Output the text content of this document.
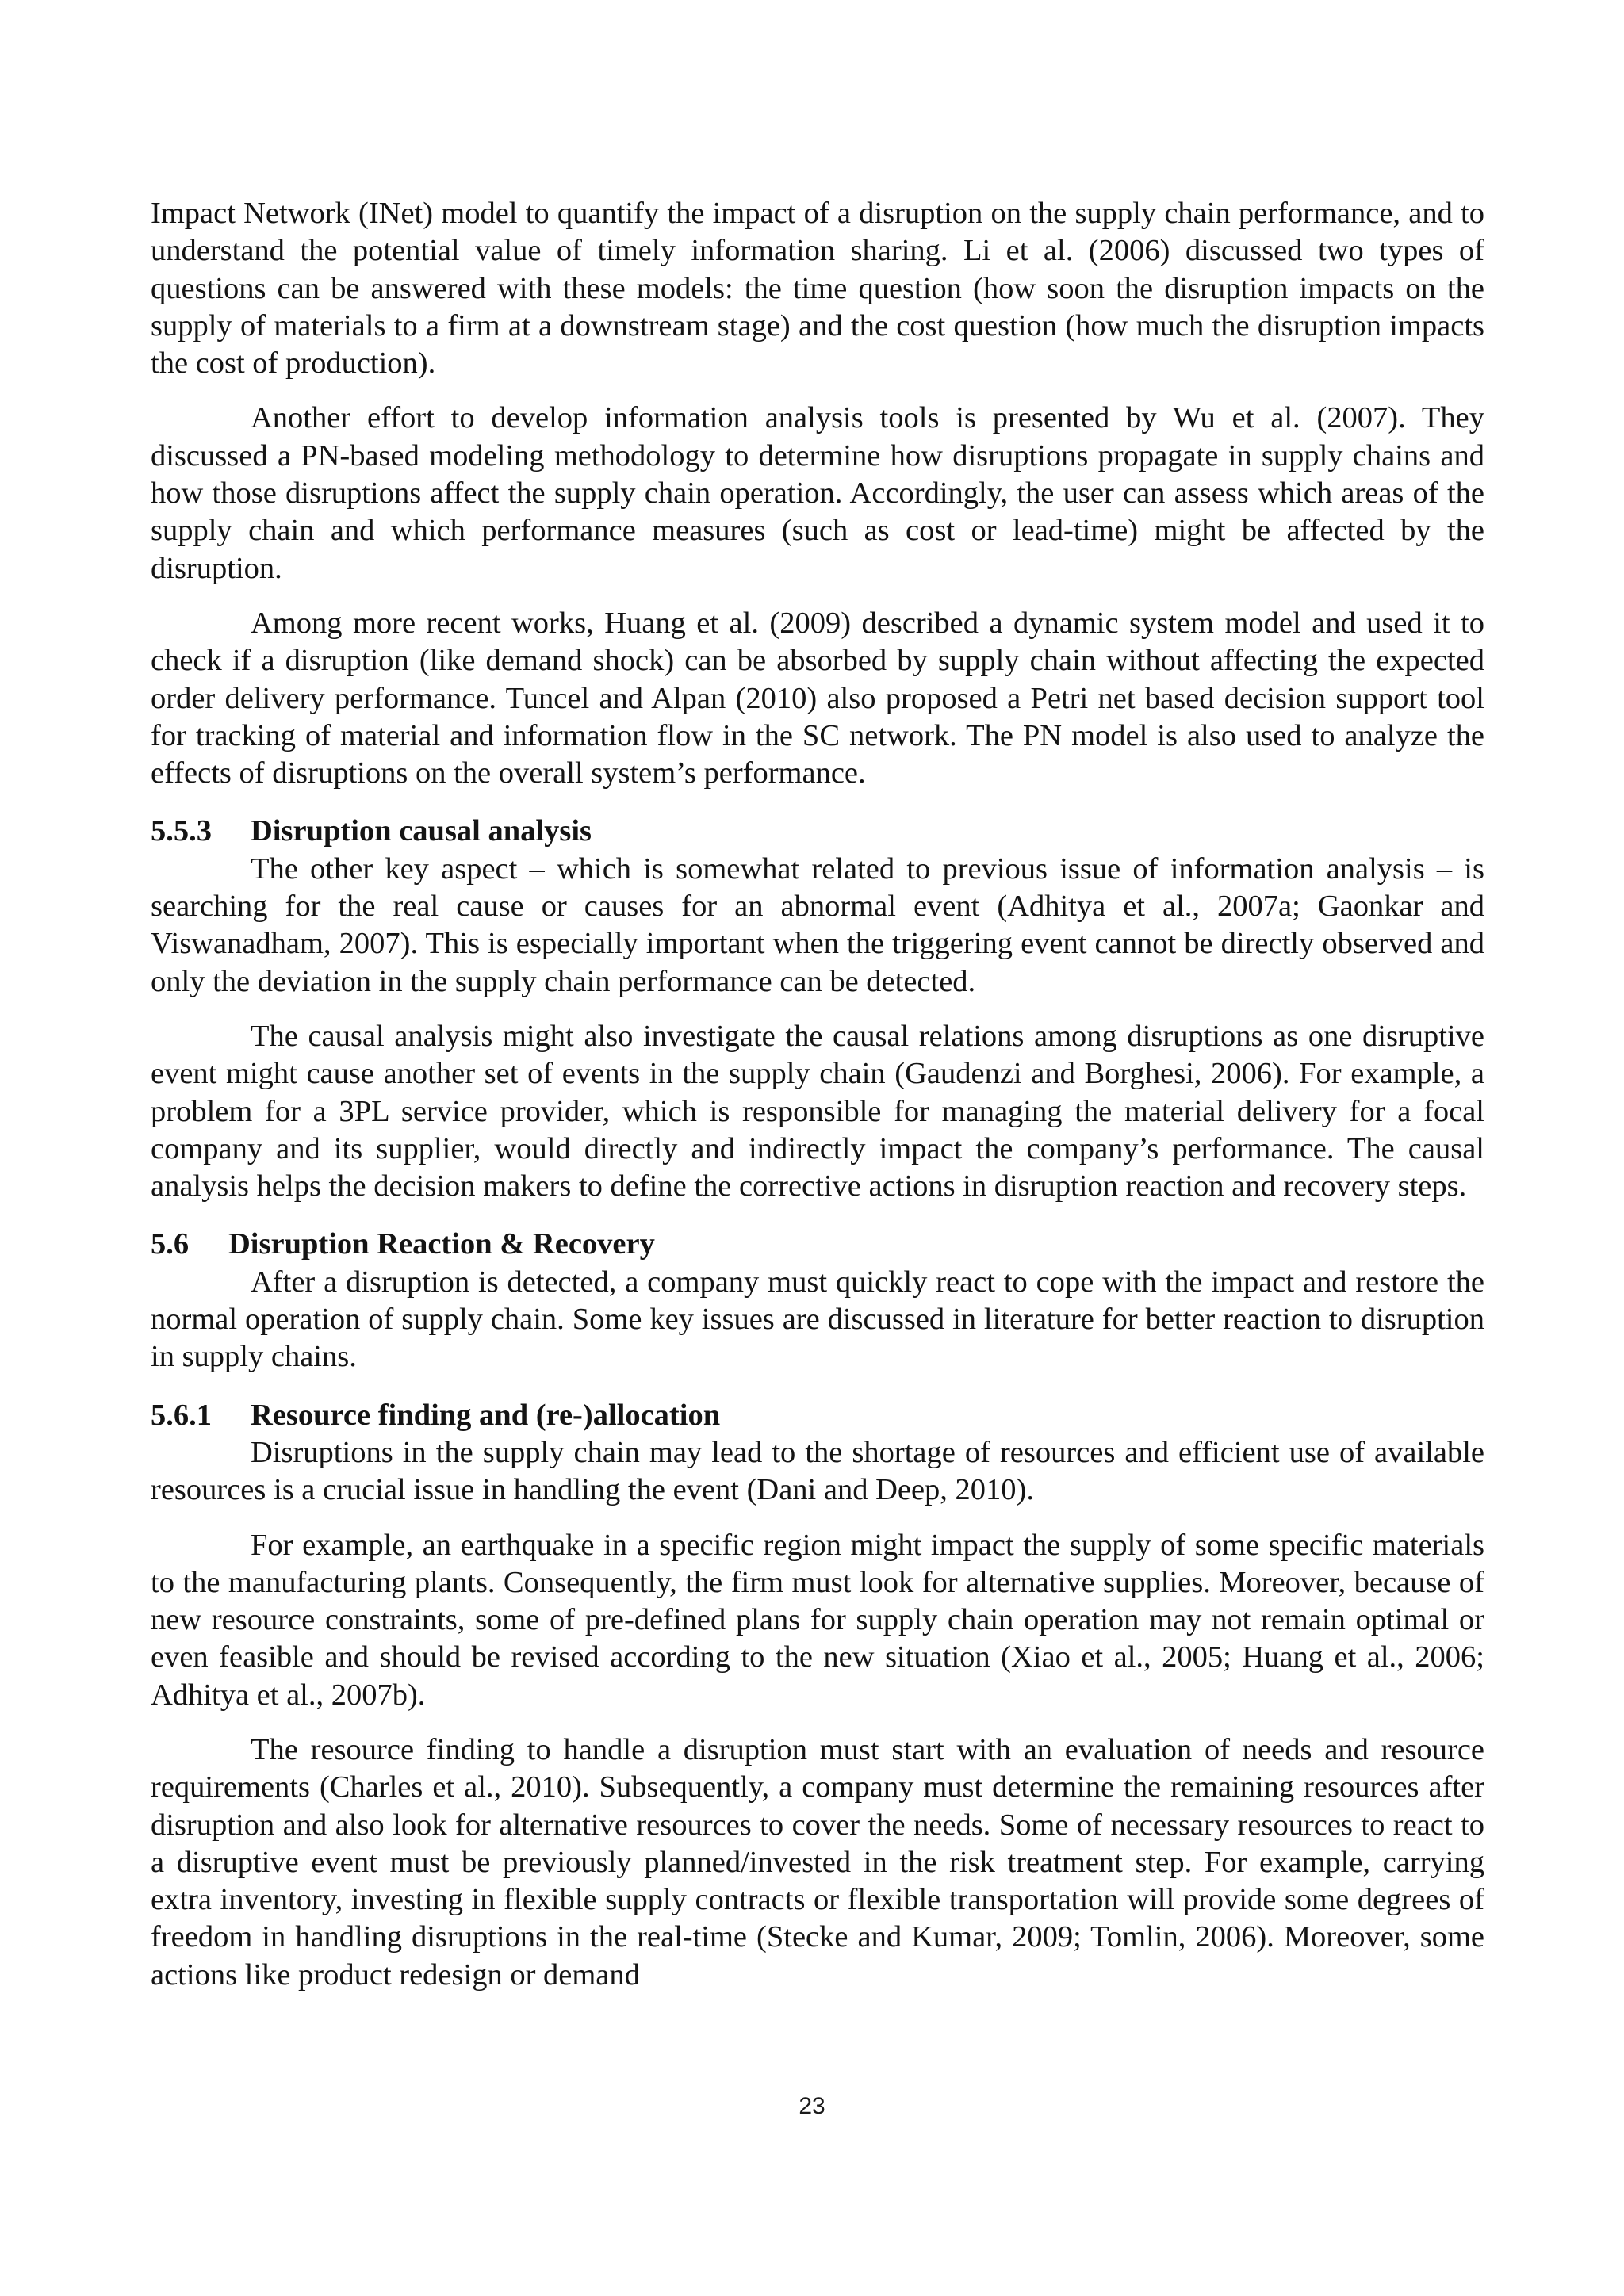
Impact Network (INet) model to quantify the impact of a disruption on the supply chain performance, and to understand the potential value of timely information sharing. Li et al. (2006) discussed two types of questions can be answered with these models: the time question (how soon the disruption impacts on the supply of materials to a firm at a downstream stage) and the cost question (how much the disruption impacts the cost of production).

Another effort to develop information analysis tools is presented by Wu et al. (2007). They discussed a PN-based modeling methodology to determine how disruptions propagate in supply chains and how those disruptions affect the supply chain operation. Accordingly, the user can assess which areas of the supply chain and which performance measures (such as cost or lead-time) might be affected by the disruption.

Among more recent works, Huang et al. (2009) described a dynamic system model and used it to check if a disruption (like demand shock) can be absorbed by supply chain without affecting the expected order delivery performance. Tuncel and Alpan (2010) also proposed a Petri net based decision support tool for tracking of material and information flow in the SC network. The PN model is also used to analyze the effects of disruptions on the overall system’s performance.

5.5.3 Disruption causal analysis

The other key aspect – which is somewhat related to previous issue of information analysis – is searching for the real cause or causes for an abnormal event (Adhitya et al., 2007a; Gaonkar and Viswanadham, 2007). This is especially important when the triggering event cannot be directly observed and only the deviation in the supply chain performance can be detected.

The causal analysis might also investigate the causal relations among disruptions as one disruptive event might cause another set of events in the supply chain (Gaudenzi and Borghesi, 2006). For example, a problem for a 3PL service provider, which is responsible for managing the material delivery for a focal company and its supplier, would directly and indirectly impact the company’s performance. The causal analysis helps the decision makers to define the corrective actions in disruption reaction and recovery steps.

5.6 Disruption Reaction & Recovery

After a disruption is detected, a company must quickly react to cope with the impact and restore the normal operation of supply chain. Some key issues are discussed in literature for better reaction to disruption in supply chains.

5.6.1 Resource finding and (re-)allocation

Disruptions in the supply chain may lead to the shortage of resources and efficient use of available resources is a crucial issue in handling the event (Dani and Deep, 2010).

For example, an earthquake in a specific region might impact the supply of some specific materials to the manufacturing plants. Consequently, the firm must look for alternative supplies. Moreover, because of new resource constraints, some of pre-defined plans for supply chain operation may not remain optimal or even feasible and should be revised according to the new situation (Xiao et al., 2005; Huang et al., 2006; Adhitya et al., 2007b).

The resource finding to handle a disruption must start with an evaluation of needs and resource requirements (Charles et al., 2010). Subsequently, a company must determine the remaining resources after disruption and also look for alternative resources to cover the needs. Some of necessary resources to react to a disruptive event must be previously planned/invested in the risk treatment step. For example, carrying extra inventory, investing in flexible supply contracts or flexible transportation will provide some degrees of freedom in handling disruptions in the real-time (Stecke and Kumar, 2009; Tomlin, 2006). Moreover, some actions like product redesign or demand

23
